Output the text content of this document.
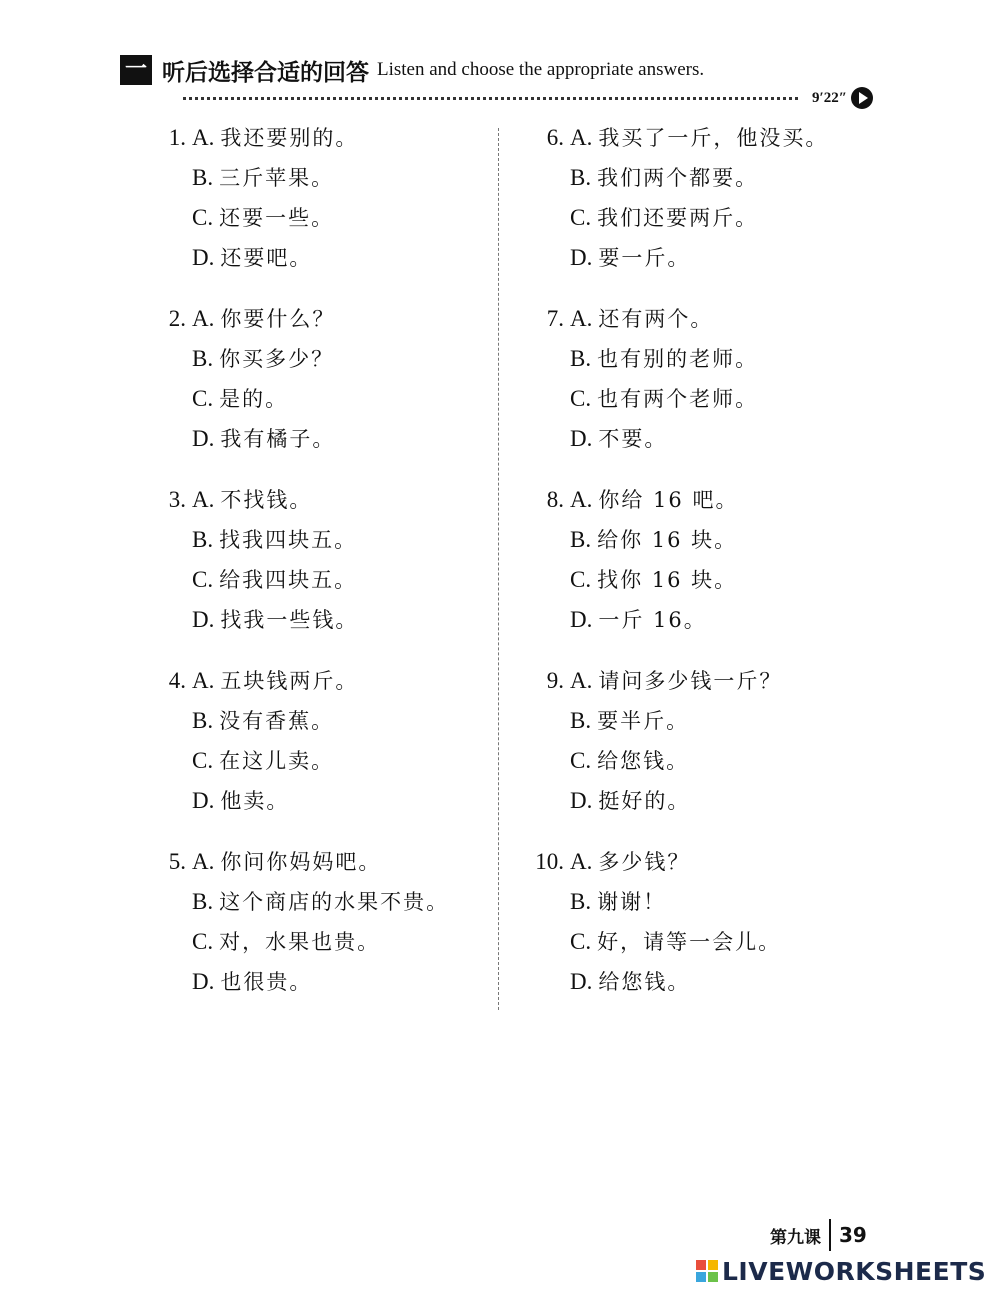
一 听后选择合适的回答 Listen and choose the appropriate answers.
9′22″
1. A. 我还要别的。
B. 三斤苹果。
C. 还要一些。
D. 还要吧。
2. A. 你要什么？
B. 你买多少？
C. 是的。
D. 我有橘子。
3. A. 不找钱。
B. 找我四块五。
C. 给我四块五。
D. 找我一些钱。
4. A. 五块钱两斤。
B. 没有香蕉。
C. 在这儿卖。
D. 他卖。
5. A. 你问你妈妈吧。
B. 这个商店的水果不贵。
C. 对，水果也贵。
D. 也很贵。
6. A. 我买了一斤，他没买。
B. 我们两个都要。
C. 我们还要两斤。
D. 要一斤。
7. A. 还有两个。
B. 也有别的老师。
C. 也有两个老师。
D. 不要。
8. A. 你给 16 吧。
B. 给你 16 块。
C. 找你 16 块。
D. 一斤 16。
9. A. 请问多少钱一斤？
B. 要半斤。
C. 给您钱。
D. 挺好的。
10. A. 多少钱？
B. 谢谢！
C. 好，请等一会儿。
D. 给您钱。
第九课 39
LIVEWORKSHEETS
